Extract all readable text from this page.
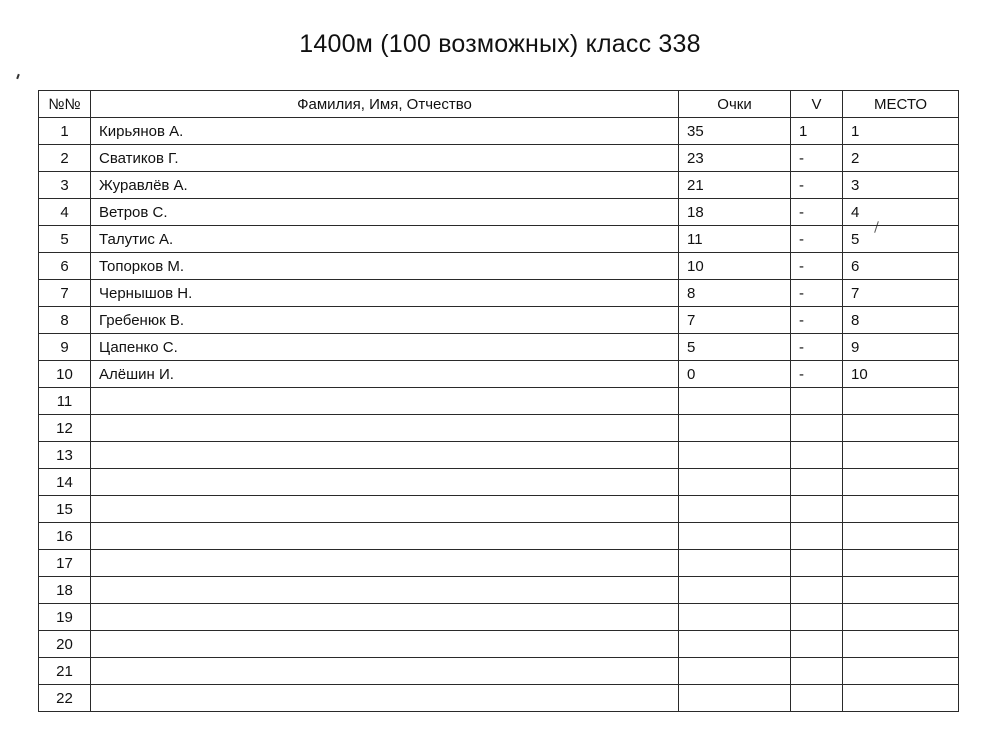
1400м (100 возможных) класс 338
№№	Фамилия, Имя, Отчество	Очки	V	МЕСТО
1	Кирьянов А.	35	1	1
2	Сватиков Г.	23	-	2
3	Журавлёв А.	21	-	3
4	Ветров С.	18	-	4
5	Талутис А.	11	-	5
6	Топорков М.	10	-	6
7	Чернышов Н.	8	-	7
8	Гребенюк В.	7	-	8
9	Цапенко С.	5	-	9
10	Алёшин И.	0	-	10
11				
12				
13				
14				
15				
16				
17				
18				
19				
20				
21				
22				
